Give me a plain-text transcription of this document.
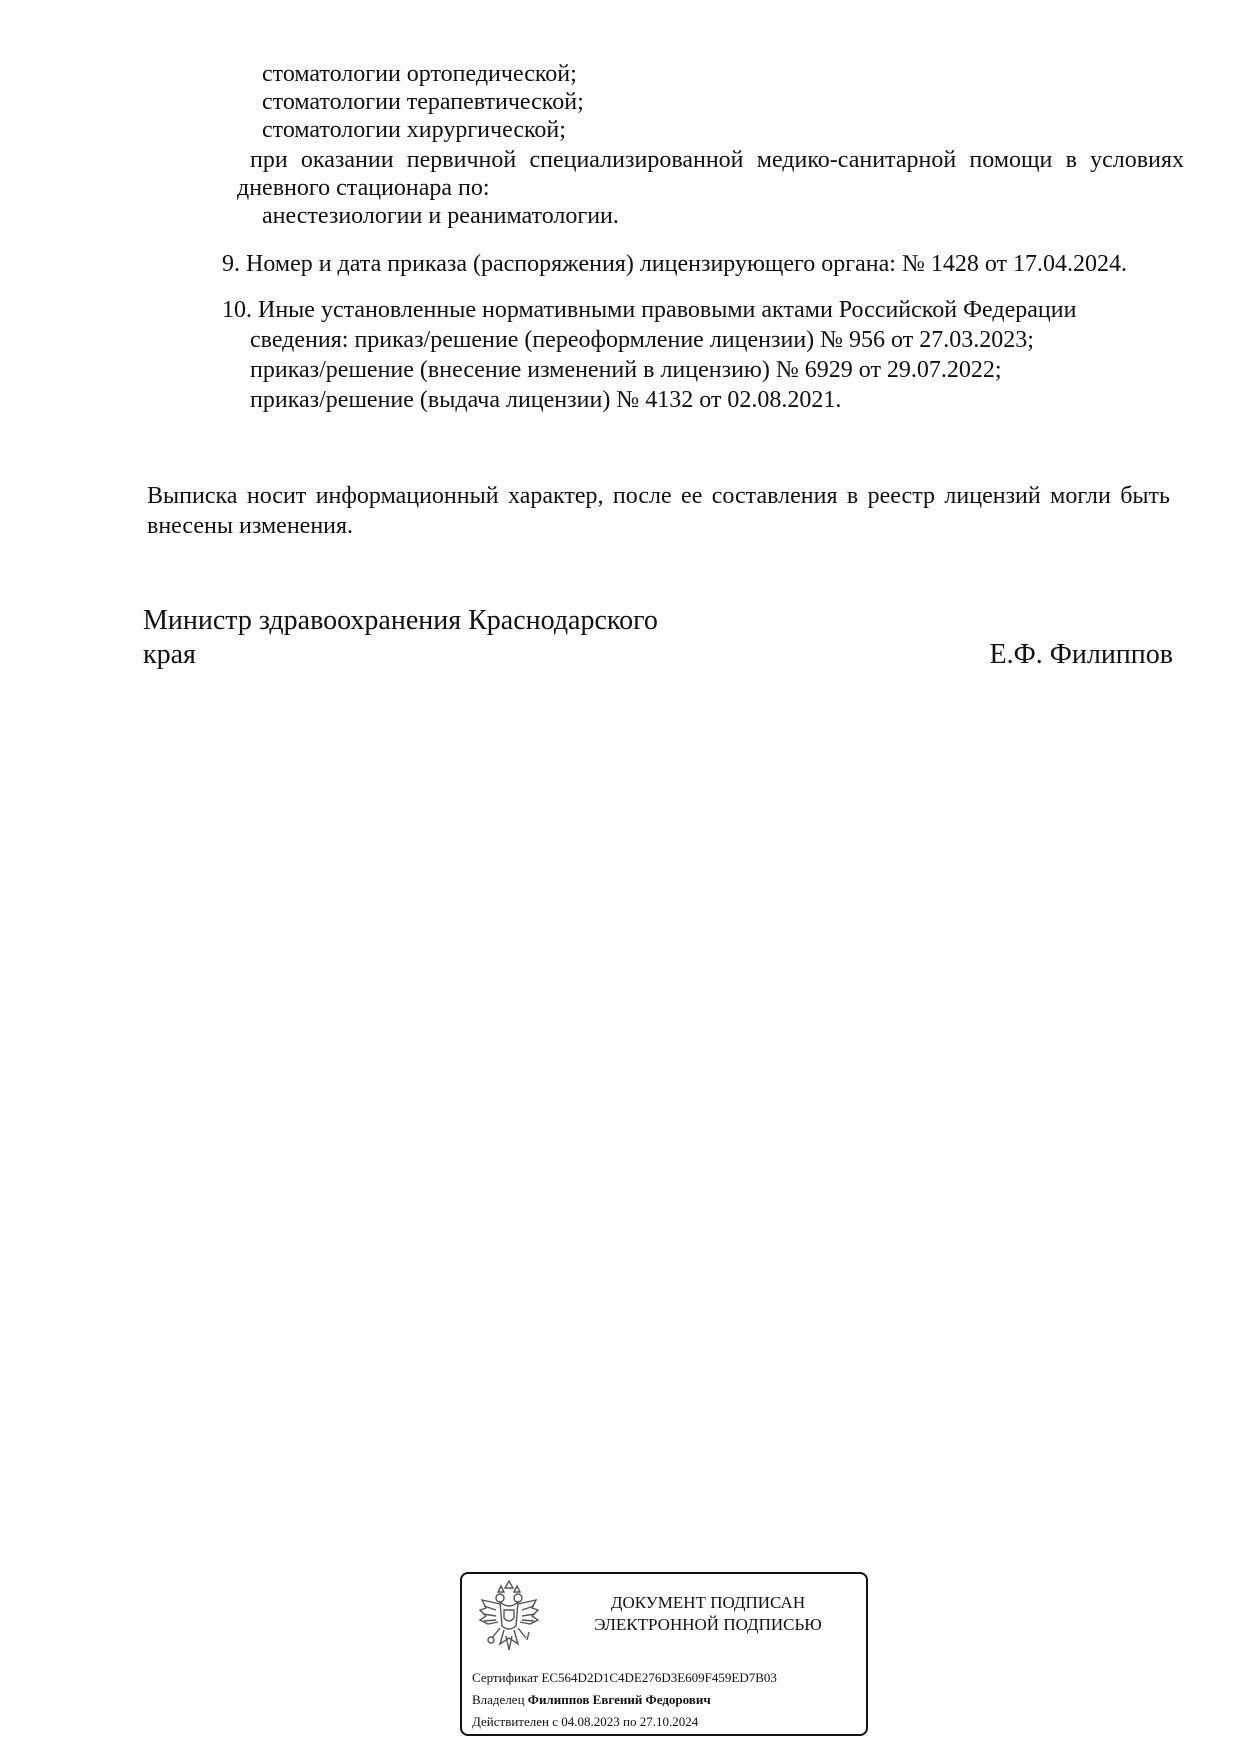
стоматологии ортопедической;
стоматологии терапевтической;
стоматологии хирургической;
при оказании первичной специализированной медико-санитарной помощи в условиях
дневного стационара по:
анестезиологии и реаниматологии.
9. Номер и дата приказа (распоряжения) лицензирующего органа: № 1428 от 17.04.2024.
10. Иные установленные нормативными правовыми актами Российской Федерации
сведения: приказ/решение (переоформление лицензии) № 956 от 27.03.2023;
приказ/решение (внесение изменений в лицензию) № 6929 от 29.07.2022;
приказ/решение (выдача лицензии) № 4132 от 02.08.2021.
Выписка носит информационный характер, после ее составления в реестр лицензий могли быть
внесены изменения.
Министр здравоохранения Краснодарского
края	Е.Ф. Филиппов
ДОКУМЕНТ ПОДПИСАН
ЭЛЕКТРОННОЙ ПОДПИСЬЮ
Сертификат EC564D2D1C4DE276D3E609F459ED7B03
Владелец Филиппов Евгений Федорович
Действителен с 04.08.2023 по 27.10.2024
